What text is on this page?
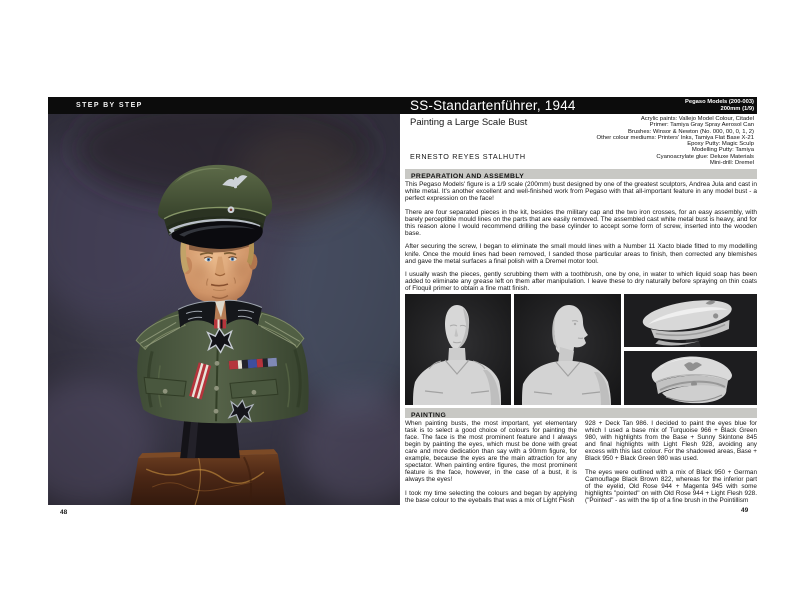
STEP BY STEP	SS-Standartenführer, 1944	Pegaso Models (200-003)
200mm (1/9)
48
Painting a Large Scale Bust	Acrylic paints: Vallejo Model Colour, Citadel
Primer: Tamiya Gray Spray Aerosol Can
Brushes: Winsor & Newton (No. 000, 00, 0, 1, 2)
Other colour mediums: Printers' Inks, Tamiya Flat Base X-21
Epoxy Putty: Magic Sculp
Modelling Putty: Tamiya
Cyanoacrylate glue: Deluxe Materials
Mini-drill: Dremel
ERNESTO REYES STALHUTH
PREPARATION AND ASSEMBLY

This Pegaso Models' figure is a 1/9 scale (200mm) bust designed by one of the greatest sculptors, Andrea Jula and cast in white metal. It's another excellent and well-finished work from Pegaso with that all-important feature in any model bust - a perfect expression on the face!

There are four separated pieces in the kit, besides the military cap and the two iron crosses, for an easy assembly, with barely perceptible mould lines on the parts that are easily removed. The assembled cast white metal bust is heavy, and for this reason alone I would recommend drilling the base cylinder to accept some form of screw, inserted into the wooden base.

After securing the screw, I began to eliminate the small mould lines with a Number 11 Xacto blade fitted to my modelling knife. Once the mould lines had been removed, I sanded those particular areas to finish, then corrected any blemishes and gave the metal surfaces a final polish with a Dremel motor tool.

I usually wash the pieces, gently scrubbing them with a toothbrush, one by one, in water to which liquid soap has been added to eliminate any grease left on them after manipulation. I leave these to dry naturally before spraying on thin coats of Floquil primer to obtain a fine matt finish.

PAINTING

When painting busts, the most important, yet elementary task is to select a good choice of colours for painting the face. The face is the most prominent feature and I always begin by painting the eyes, which must be done with great care and more dedication than say with a 90mm figure, for example, because the eyes are the main attraction for any spectator. When painting entire figures, the most prominent feature is the face, however, in the case of a bust, it is always the eyes!

I took my time selecting the colours and began by applying the base colour to the eyeballs that was a mix of Light Flesh

928 + Deck Tan 986. I decided to paint the eyes blue for which I used a base mix of Turquoise 966 + Black Green 980, with highlights from the Base + Sunny Skintone 845 and final highlights with Light Flesh 928, avoiding any excess with this last colour. For the shadowed areas, Base + Black 950 + Black Green 980 was used.

The eyes were outlined with a mix of Black 950 + German Camouflage Black Brown 822, whereas for the inferior part of the eyelid, Old Rose 944 + Magenta 945 with some highlights "pointed" on with Old Rose 944 + Light Flesh 928. ("Pointed" - as with the tip of a fine brush in the Pointillism

49
